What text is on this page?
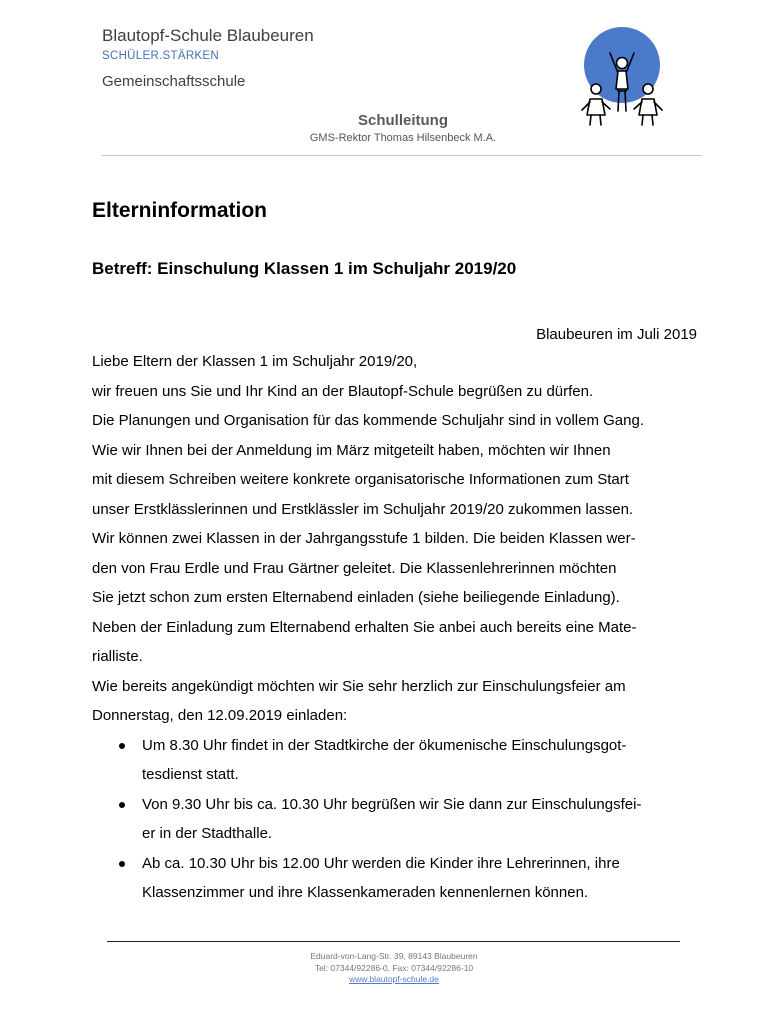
Blautopf-Schule Blaubeuren
SCHÜLER.STÄRKEN
Gemeinschaftsschule
Schulleitung
GMS-Rektor Thomas Hilsenbeck M.A.
Elterninformation
Betreff: Einschulung Klassen 1 im Schuljahr 2019/20
Blaubeuren im Juli 2019
Liebe Eltern der Klassen 1 im Schuljahr 2019/20,
wir freuen uns Sie und Ihr Kind an der Blautopf-Schule begrüßen zu dürfen.
Die Planungen und Organisation für das kommende Schuljahr sind in vollem Gang.
Wie wir Ihnen bei der Anmeldung im März mitgeteilt haben, möchten wir Ihnen
mit diesem Schreiben weitere konkrete organisatorische Informationen zum Start
unser Erstklässlerinnen und Erstklässler im Schuljahr 2019/20 zukommen lassen.
Wir können zwei Klassen in der Jahrgangsstufe 1 bilden. Die beiden Klassen wer-
den von Frau Erdle und Frau Gärtner geleitet. Die Klassenlehrerinnen möchten
Sie jetzt schon zum ersten Elternabend einladen (siehe beiliegende Einladung).
Neben der Einladung zum Elternabend erhalten Sie anbei auch bereits eine Mate-
rialliste.
Wie bereits angekündigt möchten wir Sie sehr herzlich zur Einschulungsfeier am
Donnerstag, den 12.09.2019 einladen:
Um 8.30 Uhr findet in der Stadtkirche der ökumenische Einschulungsgot-
tesdienst statt.
Von 9.30 Uhr bis ca. 10.30 Uhr begrüßen wir Sie dann zur Einschulungsfei-
er in der Stadthalle.
Ab ca. 10.30 Uhr bis 12.00 Uhr werden die Kinder ihre Lehrerinnen, ihre
Klassenzimmer und ihre Klassenkameraden kennenlernen können.
Eduard-von-Lang-Str. 39, 89143 Blaubeuren
Tel: 07344/92286-0, Fax: 07344/92286-10
www.blautopf-schule.de
